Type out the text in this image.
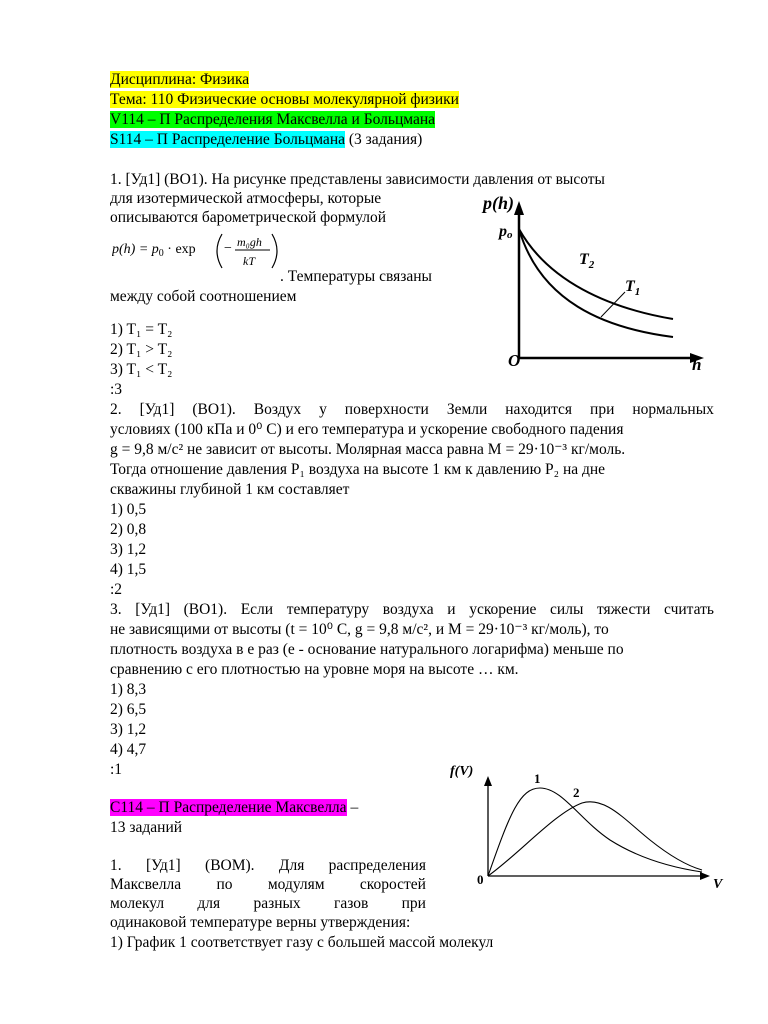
Дисциплина: Физика
Тема: 110 Физические основы молекулярной физики
V114 – П Распределения Максвелла и Больцмана
S114 – П Распределение Больцмана (3 задания)
1. [Уд1] (ВО1). На рисунке представлены зависимости давления от высоты
для изотермической атмосферы, которые
описываются барометрической формулой
$p(h) = p_0 \cdot \exp - m_0gh$
kT
. Температуры связаны
между собой соотношением
1) T₁ = T₂
2) T₁ > T₂
3) T₁ < T₂
:3
p(h)
po
$T_2$
$T_1$
O	h
2. [Уд1] (ВО1). Воздух у поверхности Земли находится при нормальных
условиях (100 кПа и 0⁰ С) и его температура и ускорение свободного падения
g = 9,8 м/с² не зависит от высоты. Молярная масса равна M = 29·10⁻³ кг/моль.
Тогда отношение давления P₁ воздуха на высоте 1 км к давлению P₂ на дне
скважины глубиной 1 км составляет
1) 0,5
2) 0,8
3) 1,2
4) 1,5
:2
3. [Уд1] (ВО1). Если температуру воздуха и ускорение силы тяжести считать
не зависящими от высоты (t = 10⁰ С, g = 9,8 м/с², и M = 29·10⁻³ кг/моль), то
плотность воздуха в е раз (е - основание натурального логарифма) меньше по
сравнению с его плотностью на уровне моря на высоте … км.
1) 8,3
2) 6,5
3) 1,2
4) 4,7
:1
С114 – П Распределение Максвелла –
13 заданий
1. [Уд1] (ВОМ). Для распределения
Максвелла по модулям скоростей
молекул для разных газов при
одинаковой температуре верны утверждения:
1) График 1 соответствует газу с большей массой молекул
f(V)	1
2
0	V
